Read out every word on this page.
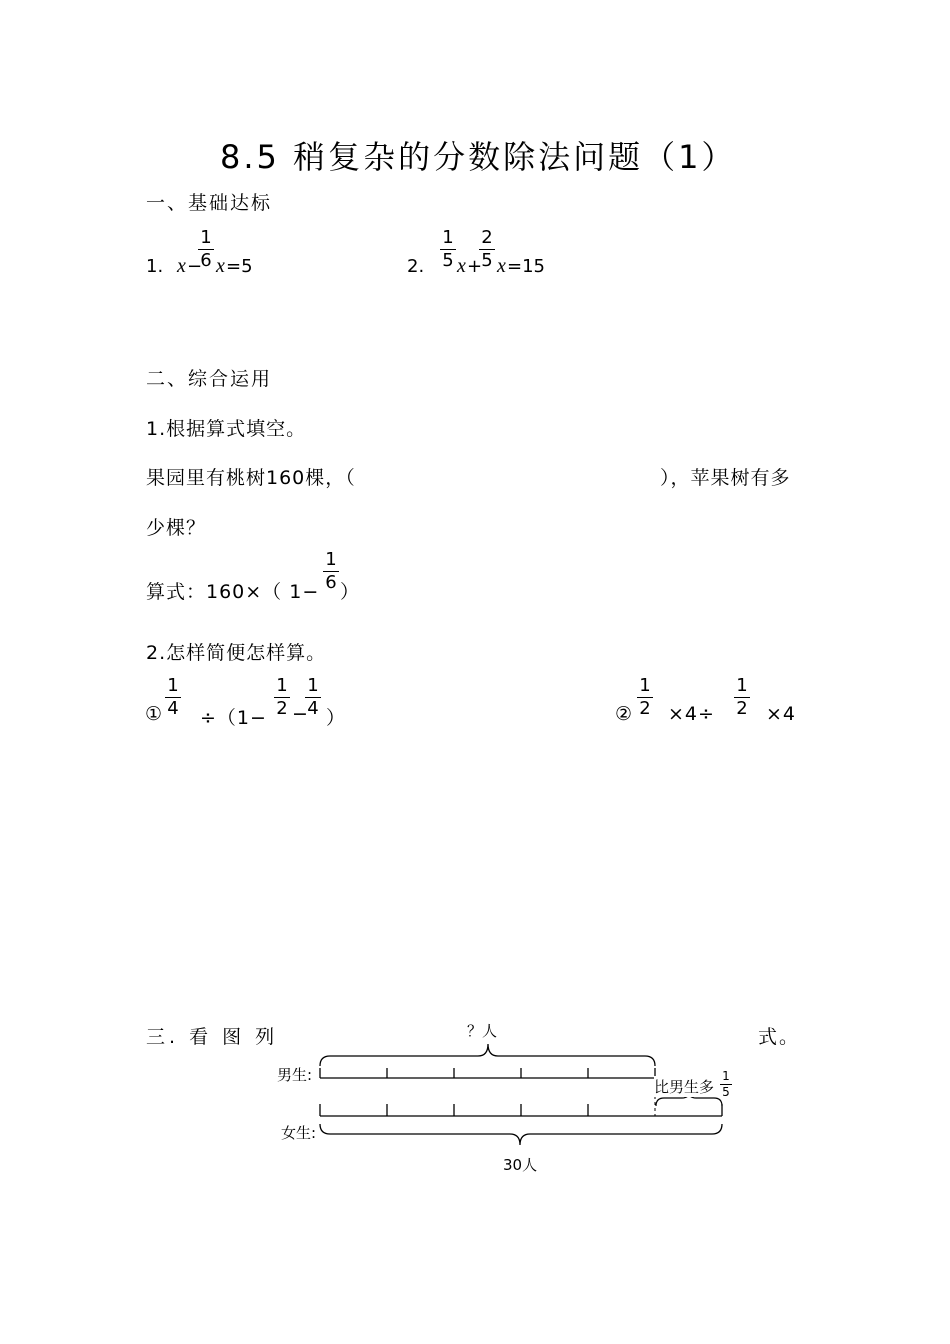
8.5 稍复杂的分数除法问题（1）
一、基础达标
1. x −
1
6 x =5	2.
1
5 x +
2
5 x =15
二、综合运用
1.根据算式填空。
果园里有桃树160棵，（	），苹果树有多
少棵？
算式：160×（ 1−
1
6 ）
2.怎样简便怎样算。
①
1
4 ÷（1−
1
2 −
1
4 ）	②
1
2 ×4÷
1
2 ×4
三. 看 图 列	式。
？人
男生:
女生:
比男生多
1
5
30人
